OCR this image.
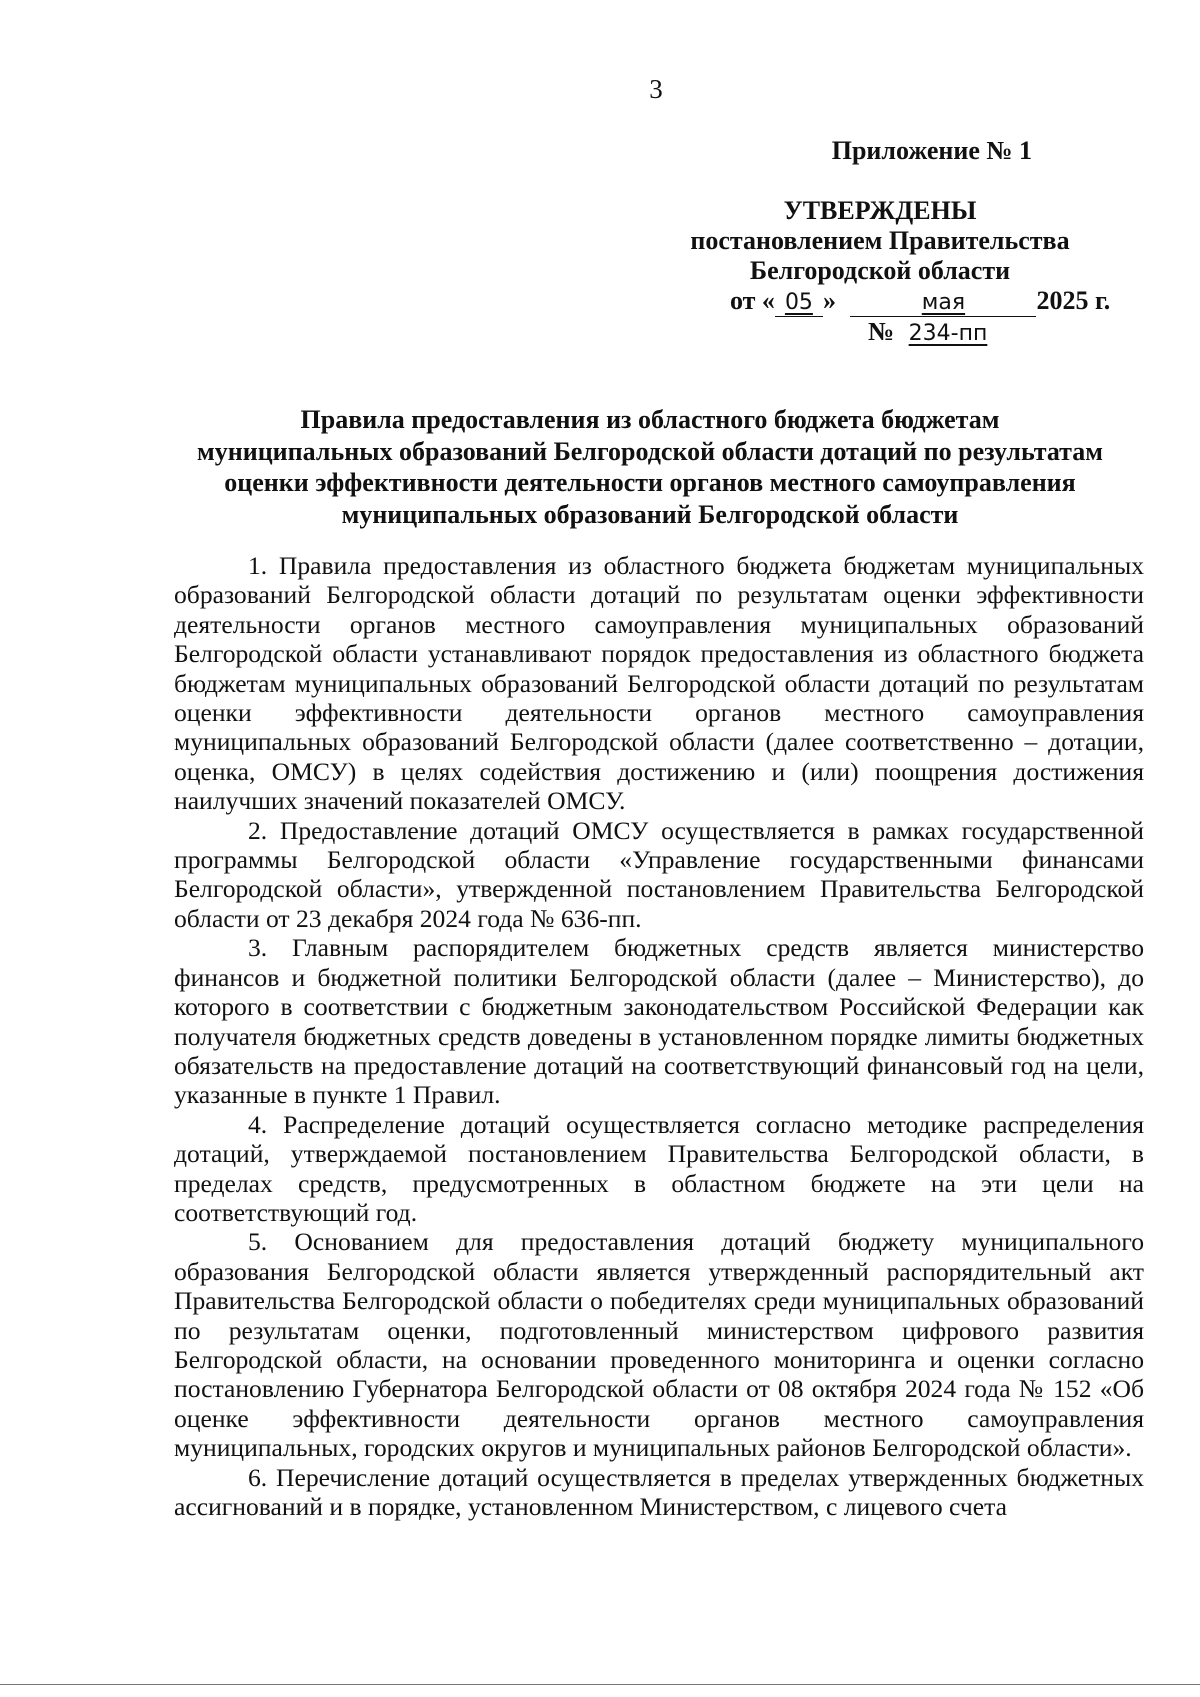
3
Приложение № 1
УТВЕРЖДЕНЫ
постановлением Правительства
Белгородской области
от « 05 »	мая	2025 г.
№ 234-пп
Правила предоставления из областного бюджета бюджетам
муниципальных образований Белгородской области дотаций по результатам
оценки эффективности деятельности органов местного самоуправления
муниципальных образований Белгородской области

1. Правила предоставления из областного бюджета бюджетам муниципальных образований Белгородской области дотаций по результатам оценки эффективности деятельности органов местного самоуправления муниципальных образований Белгородской области устанавливают порядок предоставления из областного бюджета бюджетам муниципальных образований Белгородской области дотаций по результатам оценки эффективности деятельности органов местного самоуправления муниципальных образований Белгородской области (далее соответственно – дотации, оценка, ОМСУ) в целях содействия достижению и (или) поощрения достижения наилучших значений показателей ОМСУ.

2. Предоставление дотаций ОМСУ осуществляется в рамках государственной программы Белгородской области «Управление государственными финансами Белгородской области», утвержденной постановлением Правительства Белгородской области от 23 декабря 2024 года № 636-пп.

3. Главным распорядителем бюджетных средств является министерство финансов и бюджетной политики Белгородской области (далее – Министерство), до которого в соответствии с бюджетным законодательством Российской Федерации как получателя бюджетных средств доведены в установленном порядке лимиты бюджетных обязательств на предоставление дотаций на соответствующий финансовый год на цели, указанные в пункте 1 Правил.

4. Распределение дотаций осуществляется согласно методике распределения дотаций, утверждаемой постановлением Правительства Белгородской области, в пределах средств, предусмотренных в областном бюджете на эти цели на соответствующий год.

5. Основанием для предоставления дотаций бюджету муниципального образования Белгородской области является утвержденный распорядительный акт Правительства Белгородской области о победителях среди муниципальных образований по результатам оценки, подготовленный министерством цифрового развития Белгородской области, на основании проведенного мониторинга и оценки согласно постановлению Губернатора Белгородской области от 08 октября 2024 года № 152 «Об оценке эффективности деятельности органов местного самоуправления муниципальных, городских округов и муниципальных районов Белгородской области».

6. Перечисление дотаций осуществляется в пределах утвержденных бюджетных ассигнований и в порядке, установленном Министерством, с лицевого счета
